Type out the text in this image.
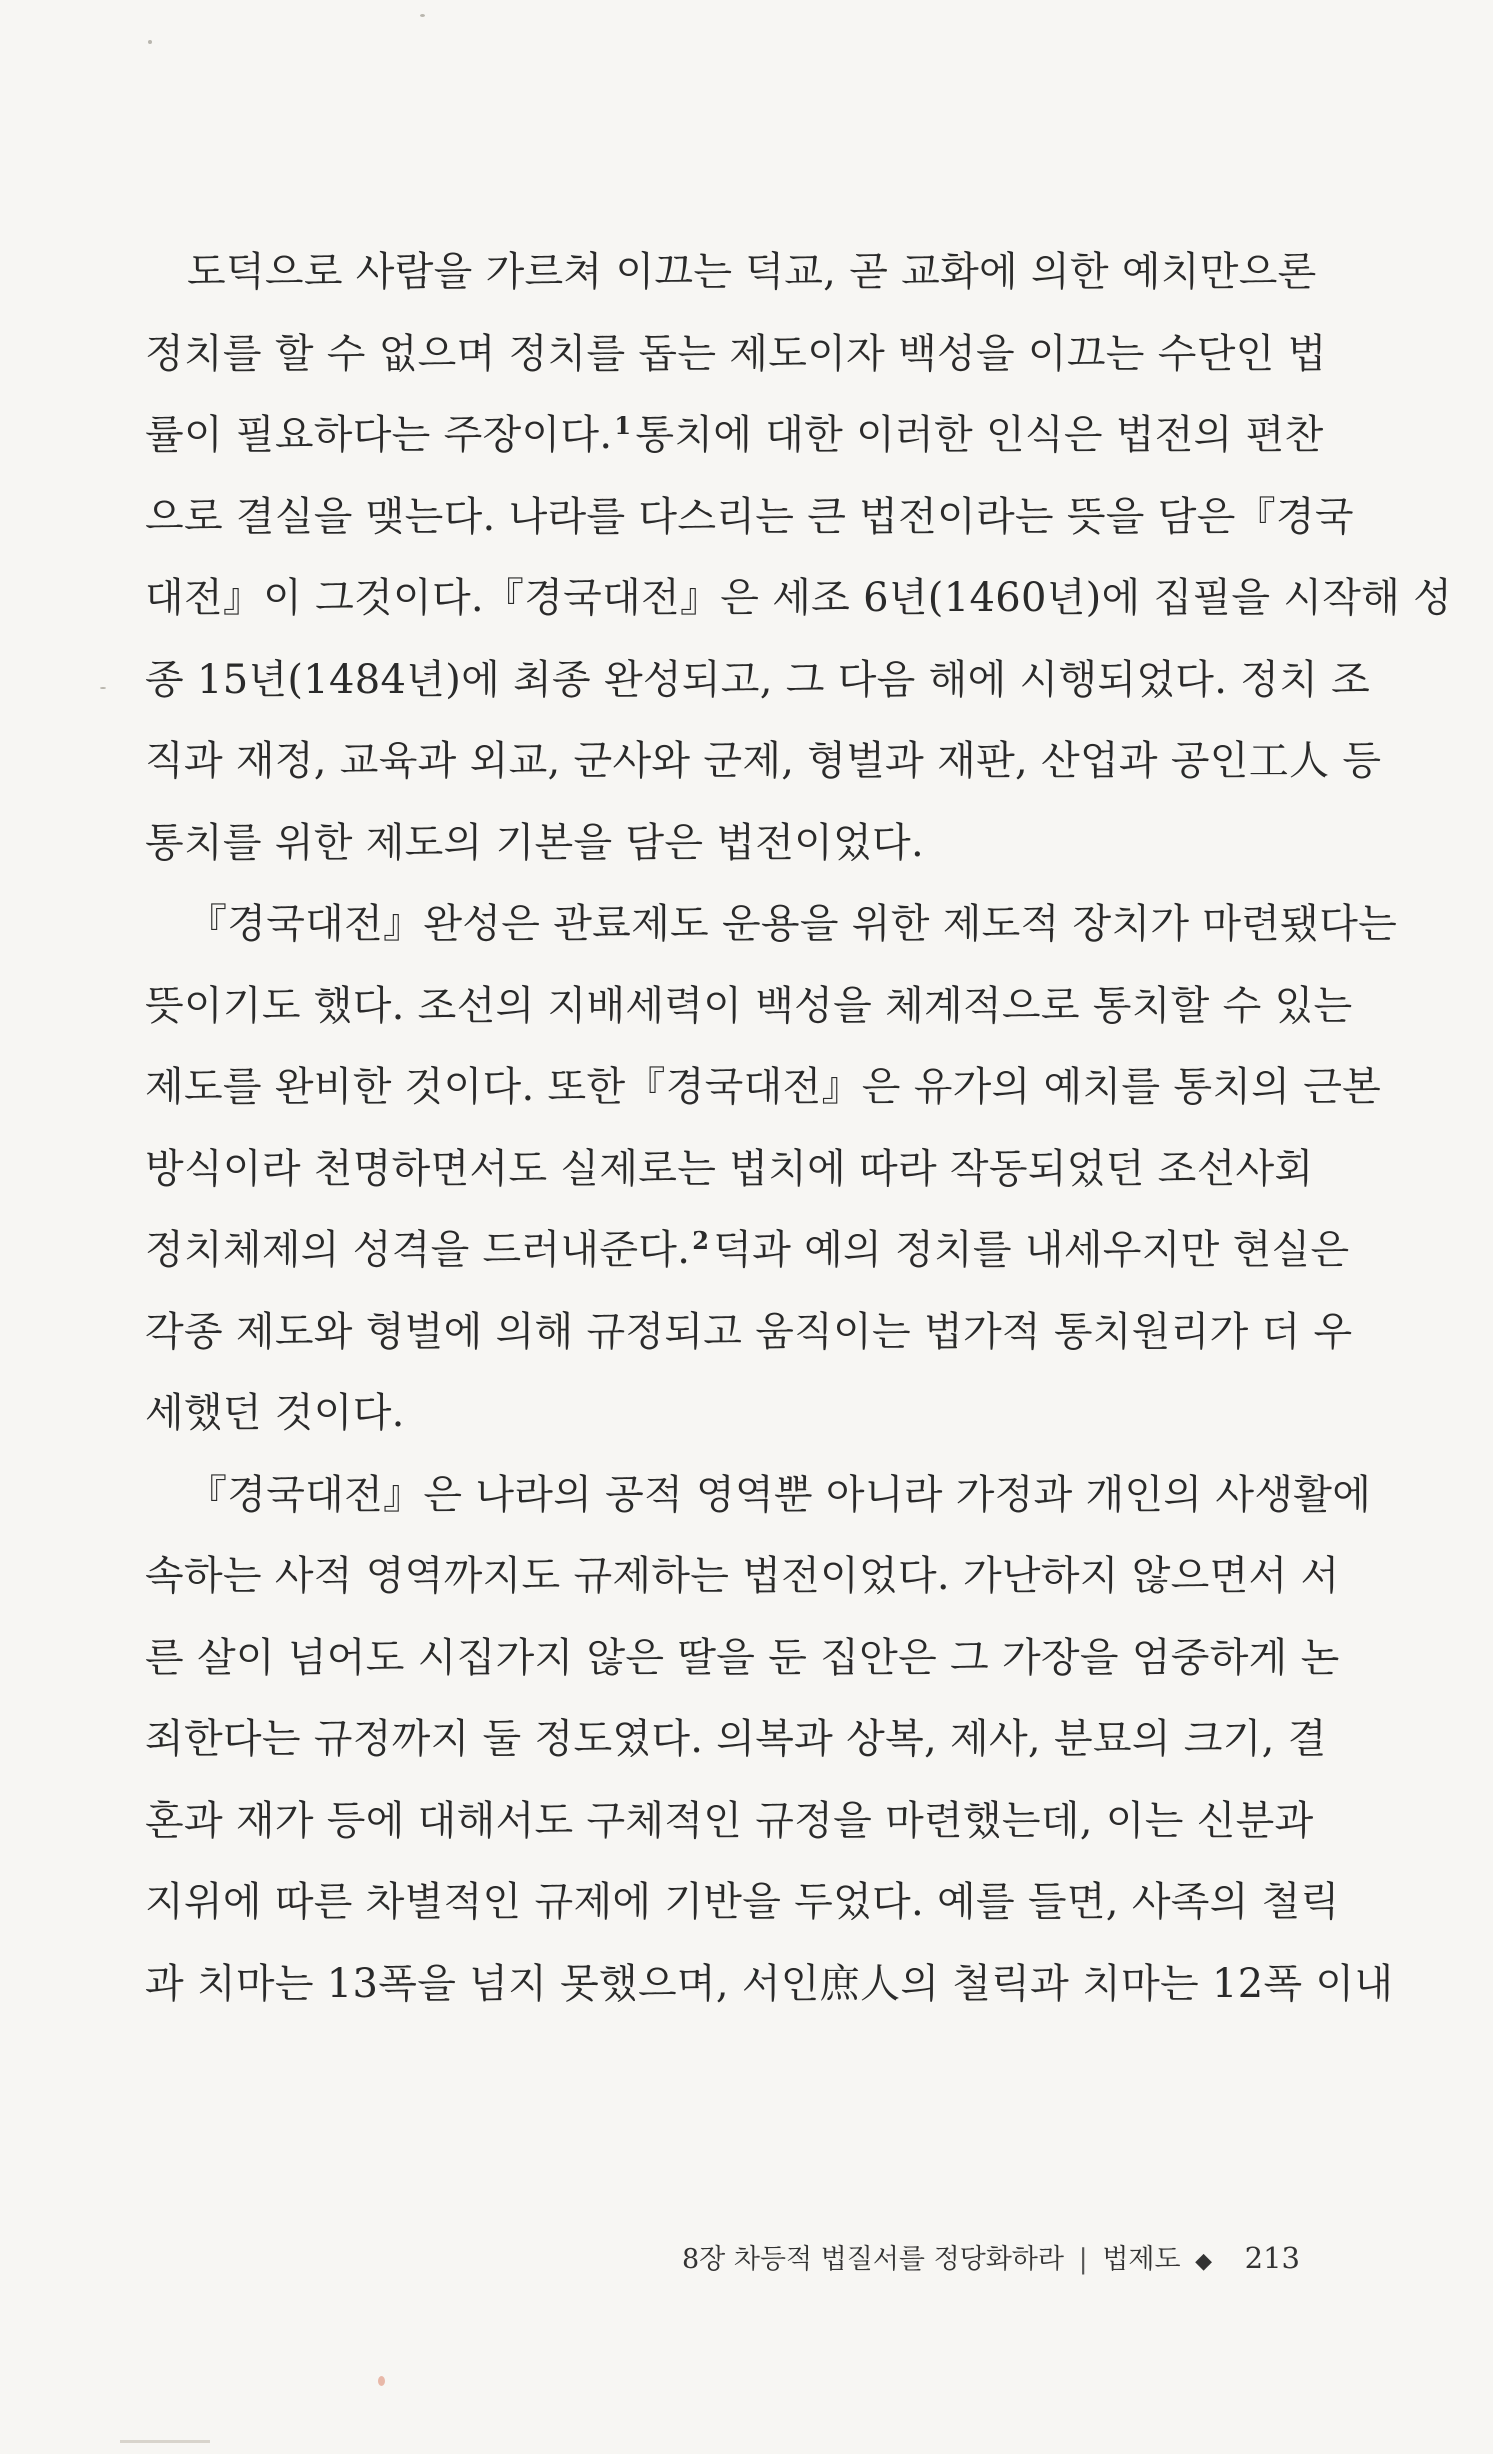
도덕으로 사람을 가르쳐 이끄는 덕교, 곧 교화에 의한 예치만으론
정치를 할 수 없으며 정치를 돕는 제도이자 백성을 이끄는 수단인 법
률이 필요하다는 주장이다.$^1$ 통치에 대한 이러한 인식은 법전의 편찬
으로 결실을 맺는다. 나라를 다스리는 큰 법전이라는 뜻을 담은『경국
대전』이 그것이다.『경국대전』은 세조 6년(1460년)에 집필을 시작해 성
종 15년(1484년)에 최종 완성되고, 그 다음 해에 시행되었다. 정치 조
직과 재정, 교육과 외교, 군사와 군제, 형벌과 재판, 산업과 공인工人 등
통치를 위한 제도의 기본을 담은 법전이었다.
『경국대전』완성은 관료제도 운용을 위한 제도적 장치가 마련됐다는
뜻이기도 했다. 조선의 지배세력이 백성을 체계적으로 통치할 수 있는
제도를 완비한 것이다. 또한『경국대전』은 유가의 예치를 통치의 근본
방식이라 천명하면서도 실제로는 법치에 따라 작동되었던 조선사회
정치체제의 성격을 드러내준다.$^2$ 덕과 예의 정치를 내세우지만 현실은
각종 제도와 형벌에 의해 규정되고 움직이는 법가적 통치원리가 더 우
세했던 것이다.
『경국대전』은 나라의 공적 영역뿐 아니라 가정과 개인의 사생활에
속하는 사적 영역까지도 규제하는 법전이었다. 가난하지 않으면서 서
른 살이 넘어도 시집가지 않은 딸을 둔 집안은 그 가장을 엄중하게 논
죄한다는 규정까지 둘 정도였다. 의복과 상복, 제사, 분묘의 크기, 결
혼과 재가 등에 대해서도 구체적인 규정을 마련했는데, 이는 신분과
지위에 따른 차별적인 규제에 기반을 두었다. 예를 들면, 사족의 철릭
과 치마는 13폭을 넘지 못했으며, 서인庶人의 철릭과 치마는 12폭 이내
8장 차등적 법질서를 정당화하라 | 법제도 ◆ 213
